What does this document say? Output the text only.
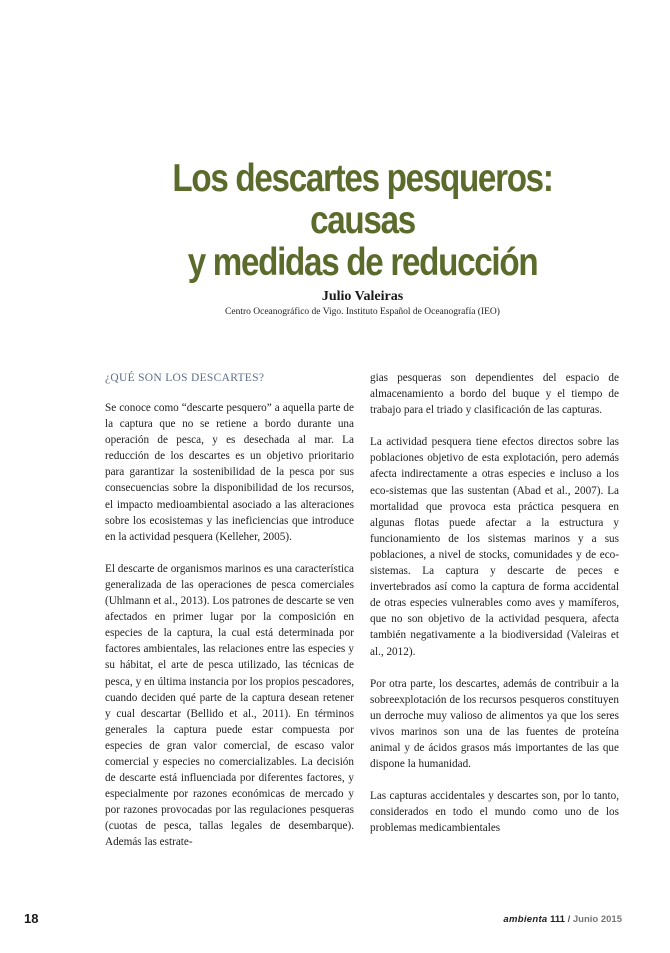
Los descartes pesqueros: causas
y medidas de reducción
Julio Valeiras
Centro Oceanográfico de Vigo. Instituto Español de Oceanografía (IEO)
¿QUÉ SON LOS DESCARTES?

Se conoce como “descarte pesquero” a aquella parte de la captura que no se retiene a bordo durante una operación de pesca, y es desechada al mar. La reducción de los descartes es un objetivo prioritario para garantizar la sostenibilidad de la pesca por sus consecuencias sobre la disponibilidad de los recursos, el impacto medioambiental asociado a las alteraciones sobre los ecosistemas y las ineficiencias que introduce en la actividad pesquera (Kelleher, 2005).

El descarte de organismos marinos es una característica generalizada de las operaciones de pesca comerciales (Uhlmann et al., 2013). Los patrones de descarte se ven afectados en primer lugar por la composición en especies de la captura, la cual está determinada por factores ambientales, las relaciones entre las especies y su hábitat, el arte de pesca utilizado, las técnicas de pesca, y en última instancia por los propios pescadores, cuando deciden qué parte de la captura desean retener y cual descartar (Bellido et al., 2011). En términos generales la captura puede estar compuesta por especies de gran valor comercial, de escaso valor comercial y especies no comercializables. La decisión de descarte está influenciada por diferentes factores, y especialmente por razones económicas de mercado y por razones provocadas por las regulaciones pesqueras (cuotas de pesca, tallas legales de desembarque). Además las estrate-

gias pesqueras son dependientes del espacio de almacenamiento a bordo del buque y el tiempo de trabajo para el triado y clasificación de las capturas.

La actividad pesquera tiene efectos directos sobre las poblaciones objetivo de esta explotación, pero además afecta indirectamente a otras especies e incluso a los eco-sistemas que las sustentan (Abad et al., 2007). La mortalidad que provoca esta práctica pesquera en algunas flotas puede afectar a la estructura y funcionamiento de los sistemas marinos y a sus poblaciones, a nivel de stocks, comunidades y de eco-sistemas. La captura y descarte de peces e invertebrados así como la captura de forma accidental de otras especies vulnerables como aves y mamíferos, que no son objetivo de la actividad pesquera, afecta también negativamente a la biodiversidad (Valeiras et al., 2012).

Por otra parte, los descartes, además de contribuir a la sobreexplotación de los recursos pesqueros constituyen un derroche muy valioso de alimentos ya que los seres vivos marinos son una de las fuentes de proteína animal y de ácidos grasos más importantes de las que dispone la humanidad.

Las capturas accidentales y descartes son, por lo tanto, considerados en todo el mundo como uno de los problemas medicambientales

18	ambienta 111 / Junio 2015
